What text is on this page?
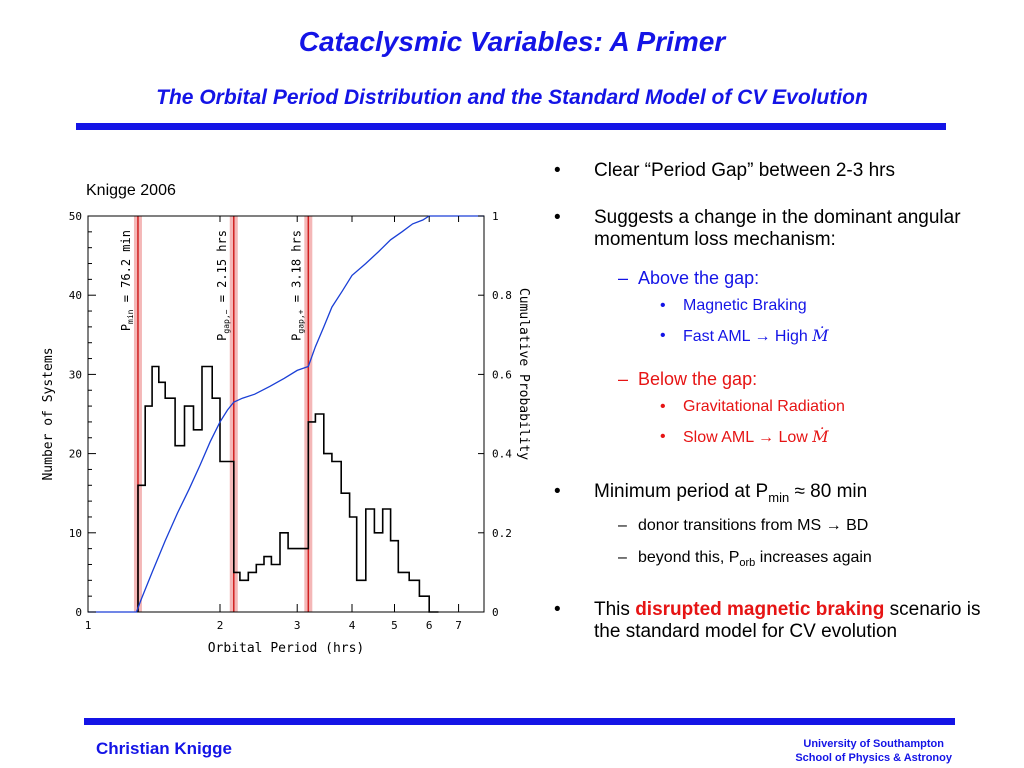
Cataclysmic Variables: A Primer
The Orbital Period Distribution and the Standard Model of CV Evolution
Knigge 2006
0
10
20
30
40
50
0
0.2
0.4
0.6
0.8
1
1	2	3	4	5	6 7
Orbital Period (hrs)
Number of Systems	Cumulative Probability
$P_{min} = 76.2$ min
$P_{gap,-} = 2.15$ hrs
$P_{gap,+} = 3.18$ hrs
• Clear “Period Gap” between 2-3 hrs
• Suggests a change in the dominant angular momentum loss mechanism:
– Above the gap:
• Magnetic Braking
• Fast AML → High Ṁ
– Below the gap:
• Gravitational Radiation
• Slow AML → Low Ṁ
• Minimum period at $P_{min} \approx 80$ min
– donor transitions from MS → BD
– beyond this, $P_{orb}$ increases again
• This disrupted magnetic braking scenario is the standard model for CV evolution
Christian Knigge	University of Southampton
School of Physics & Astronoy
